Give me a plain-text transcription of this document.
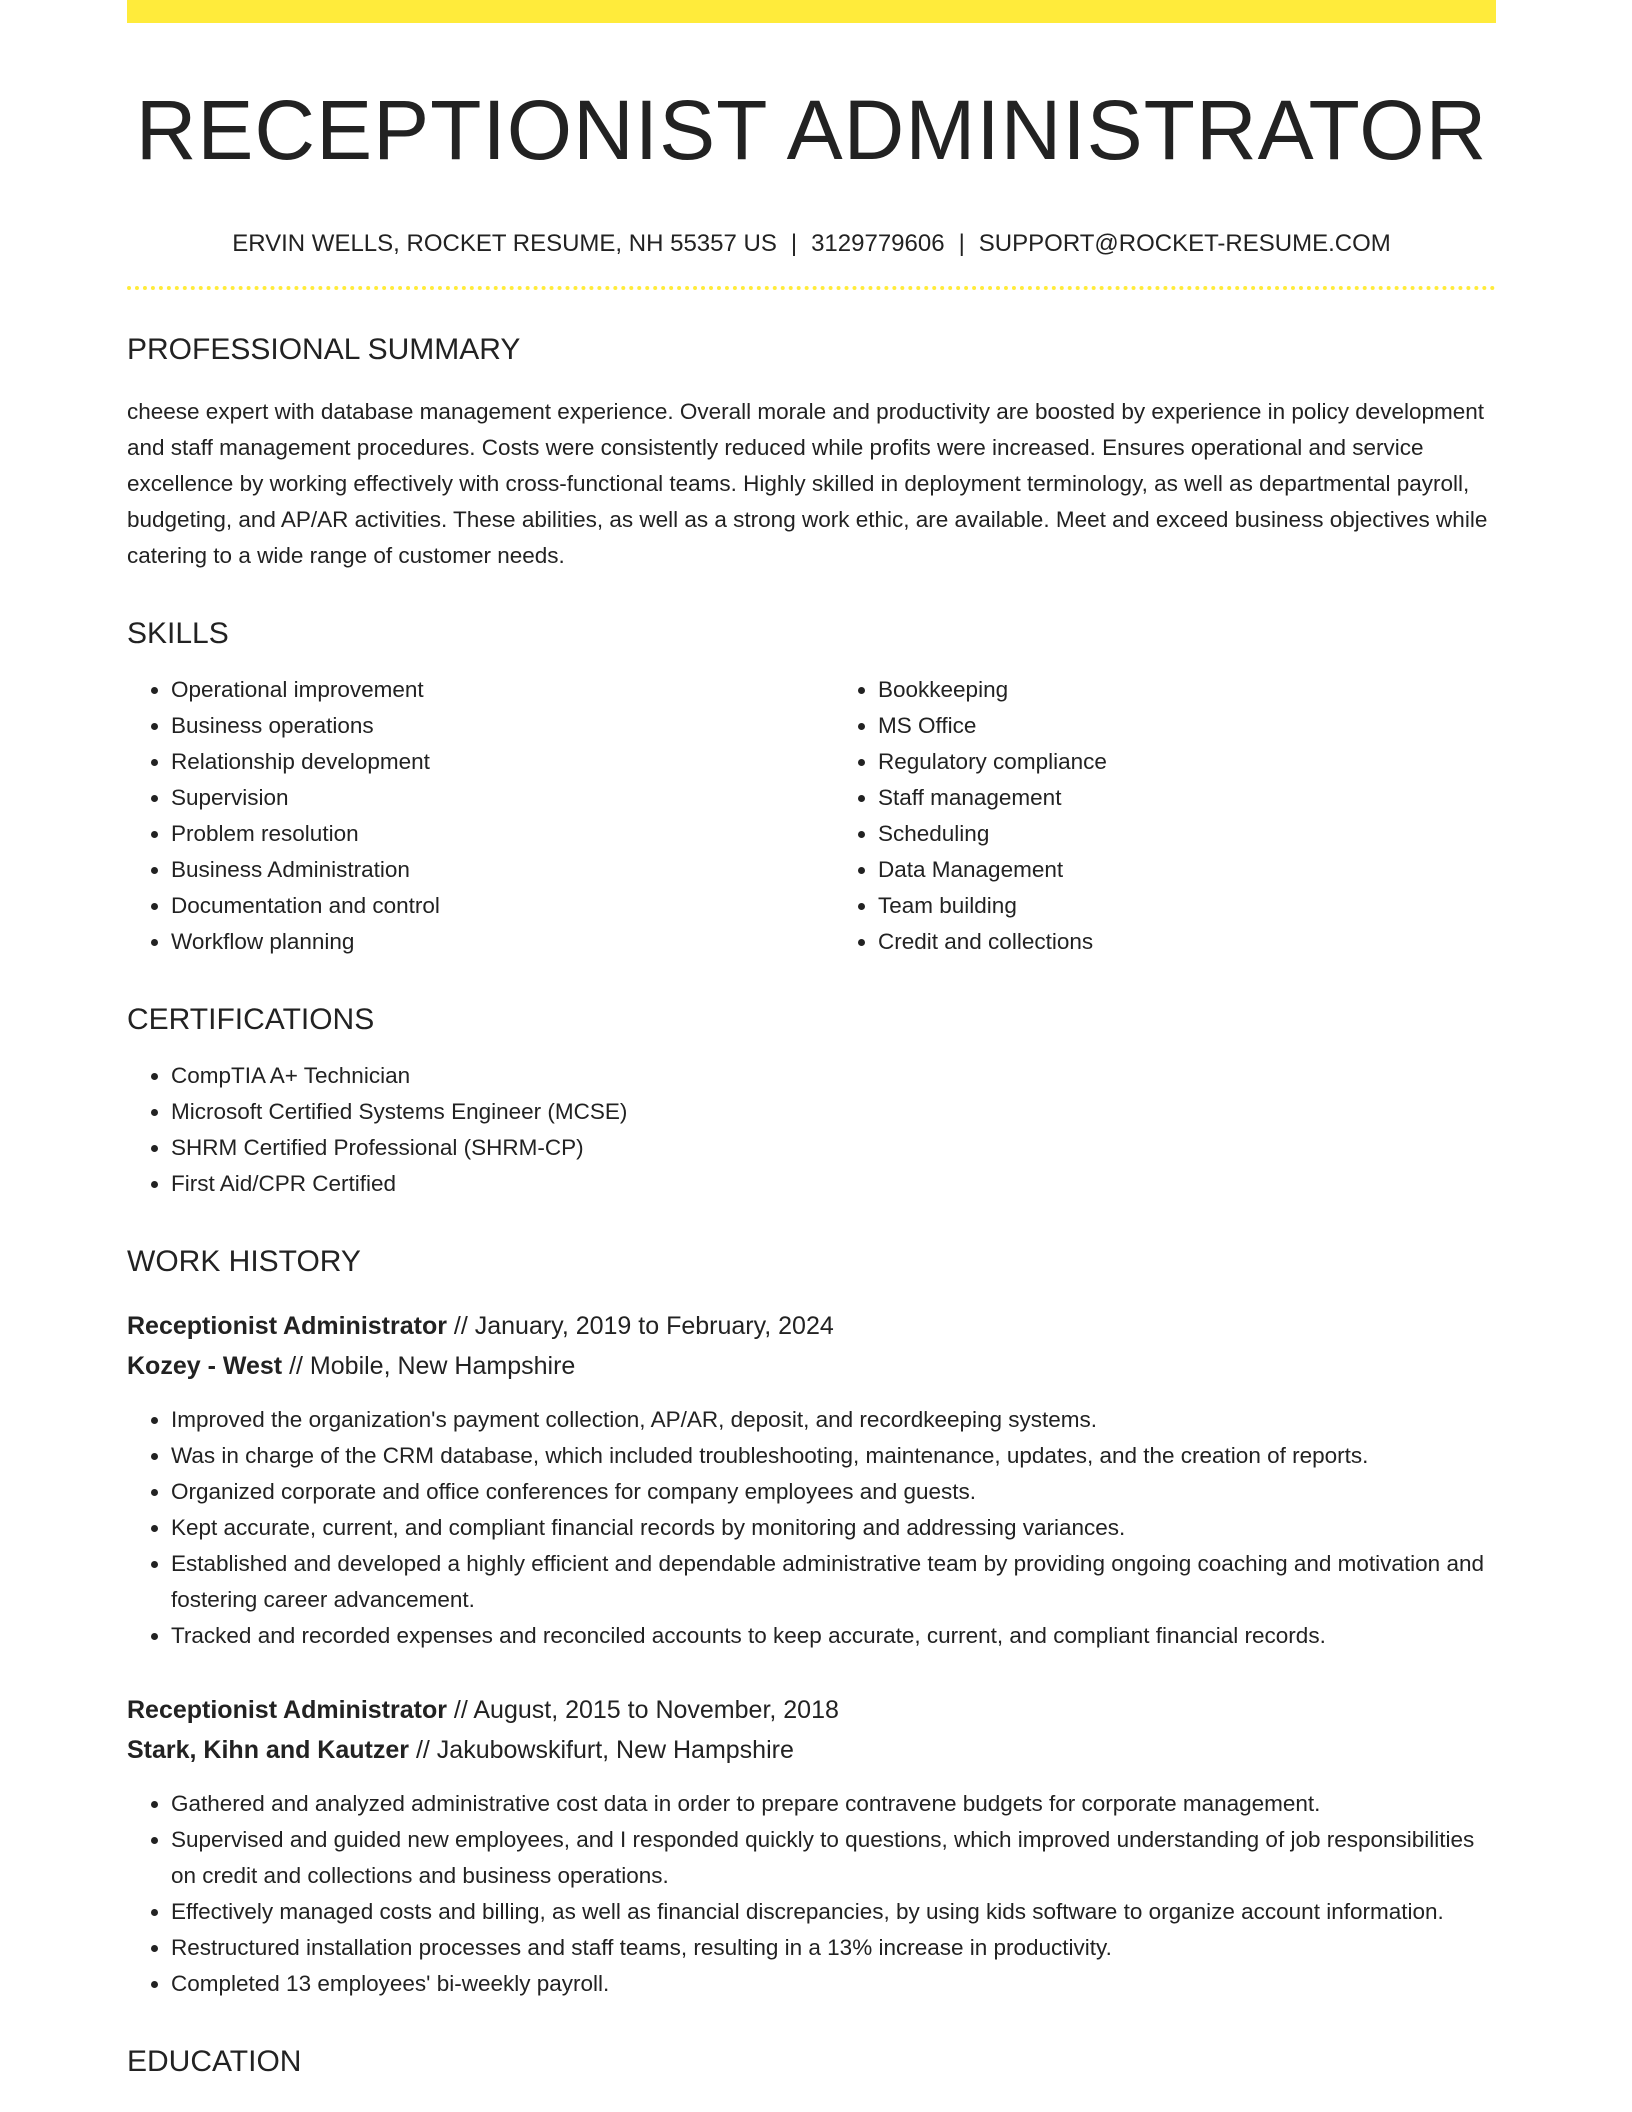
RECEPTIONIST ADMINISTRATOR
ERVIN WELLS, ROCKET RESUME, NH 55357 US | 3129779606 | SUPPORT@ROCKET-RESUME.COM
PROFESSIONAL SUMMARY

cheese expert with database management experience. Overall morale and productivity are boosted by experience in policy development and staff management procedures. Costs were consistently reduced while profits were increased. Ensures operational and service excellence by working effectively with cross-functional teams. Highly skilled in deployment terminology, as well as departmental payroll, budgeting, and AP/AR activities. These abilities, as well as a strong work ethic, are available. Meet and exceed business objectives while catering to a wide range of customer needs.

SKILLS
• Operational improvement
• Business operations
• Relationship development
• Supervision
• Problem resolution
• Business Administration
• Documentation and control
• Workflow planning
• Bookkeeping
• MS Office
• Regulatory compliance
• Staff management
• Scheduling
• Data Management
• Team building
• Credit and collections
CERTIFICATIONS
• CompTIA A+ Technician
• Microsoft Certified Systems Engineer (MCSE)
• SHRM Certified Professional (SHRM-CP)
• First Aid/CPR Certified
WORK HISTORY
Receptionist Administrator // January, 2019 to February, 2024
Kozey - West // Mobile, New Hampshire
• Improved the organization's payment collection, AP/AR, deposit, and recordkeeping systems.
• Was in charge of the CRM database, which included troubleshooting, maintenance, updates, and the creation of reports.
• Organized corporate and office conferences for company employees and guests.
• Kept accurate, current, and compliant financial records by monitoring and addressing variances.
• Established and developed a highly efficient and dependable administrative team by providing ongoing coaching and motivation and fostering career advancement.
• Tracked and recorded expenses and reconciled accounts to keep accurate, current, and compliant financial records.
Receptionist Administrator // August, 2015 to November, 2018
Stark, Kihn and Kautzer // Jakubowskifurt, New Hampshire
• Gathered and analyzed administrative cost data in order to prepare contravene budgets for corporate management.
• Supervised and guided new employees, and I responded quickly to questions, which improved understanding of job responsibilities on credit and collections and business operations.
• Effectively managed costs and billing, as well as financial discrepancies, by using kids software to organize account information.
• Restructured installation processes and staff teams, resulting in a 13% increase in productivity.
• Completed 13 employees' bi-weekly payroll.
EDUCATION
